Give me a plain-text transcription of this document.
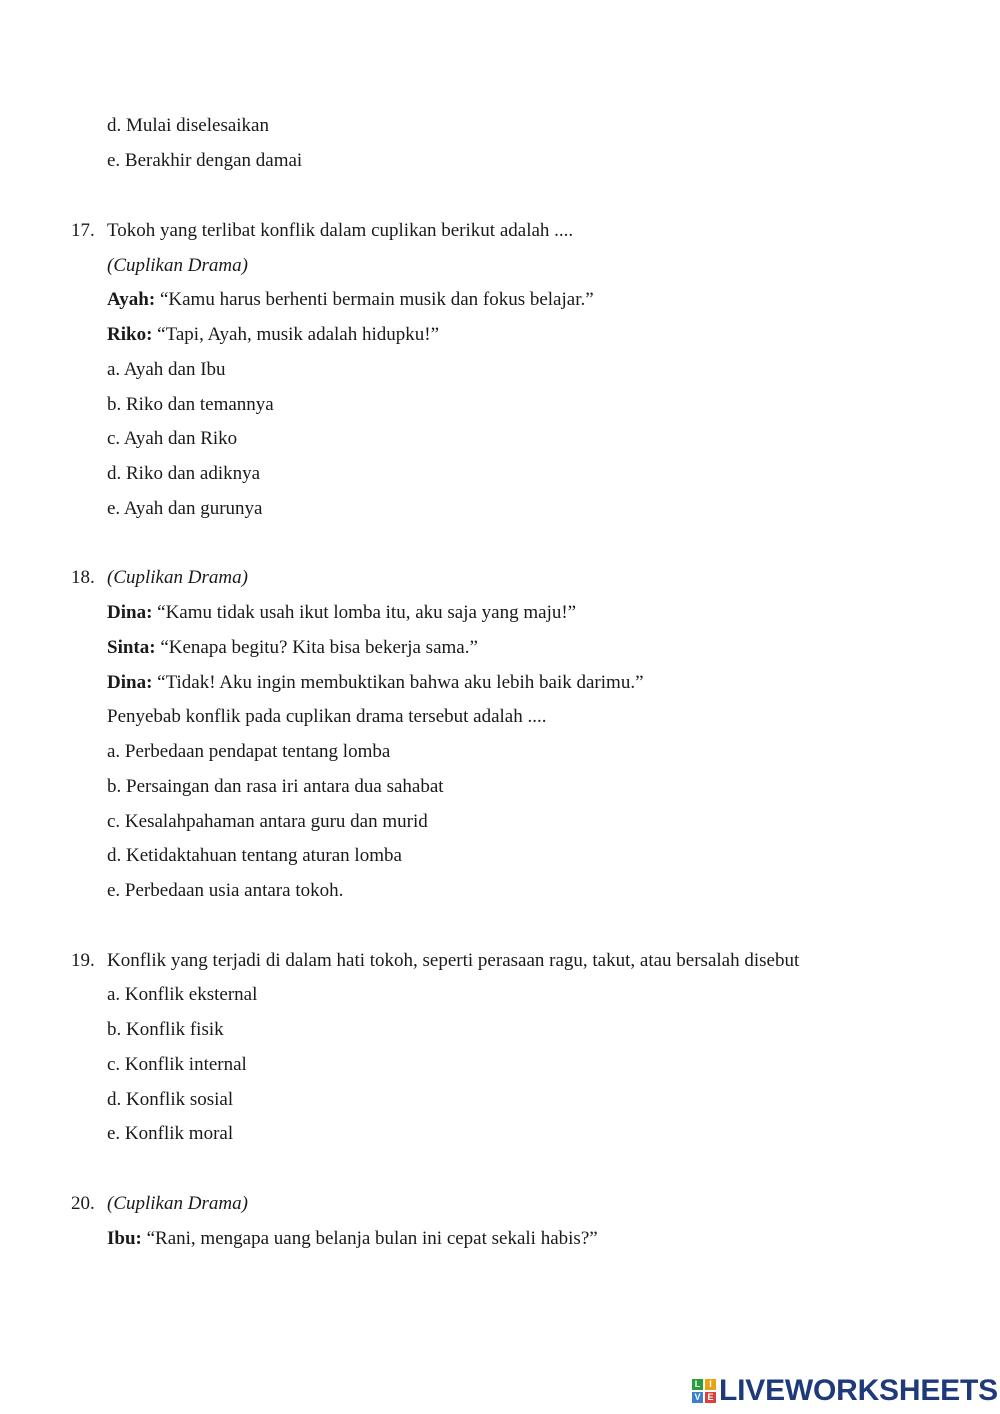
d. Mulai diselesaikan
e. Berakhir dengan damai
17. Tokoh yang terlibat konflik dalam cuplikan berikut adalah ....
(Cuplikan Drama)
Ayah: “Kamu harus berhenti bermain musik dan fokus belajar.”
Riko: “Tapi, Ayah, musik adalah hidupku!”
a. Ayah dan Ibu
b. Riko dan temannya
c. Ayah dan Riko
d. Riko dan adiknya
e. Ayah dan gurunya
18. (Cuplikan Drama)
Dina: “Kamu tidak usah ikut lomba itu, aku saja yang maju!”
Sinta: “Kenapa begitu? Kita bisa bekerja sama.”
Dina: “Tidak! Aku ingin membuktikan bahwa aku lebih baik darimu.”
Penyebab konflik pada cuplikan drama tersebut adalah ....
a. Perbedaan pendapat tentang lomba
b. Persaingan dan rasa iri antara dua sahabat
c. Kesalahpahaman antara guru dan murid
d. Ketidaktahuan tentang aturan lomba
e. Perbedaan usia antara tokoh.
19. Konflik yang terjadi di dalam hati tokoh, seperti perasaan ragu, takut, atau bersalah disebut
a. Konflik eksternal
b. Konflik fisik
c. Konflik internal
d. Konflik sosial
e. Konflik moral
20. (Cuplikan Drama)
Ibu: “Rani, mengapa uang belanja bulan ini cepat sekali habis?”
L I
V E LIVEWORKSHEETS
